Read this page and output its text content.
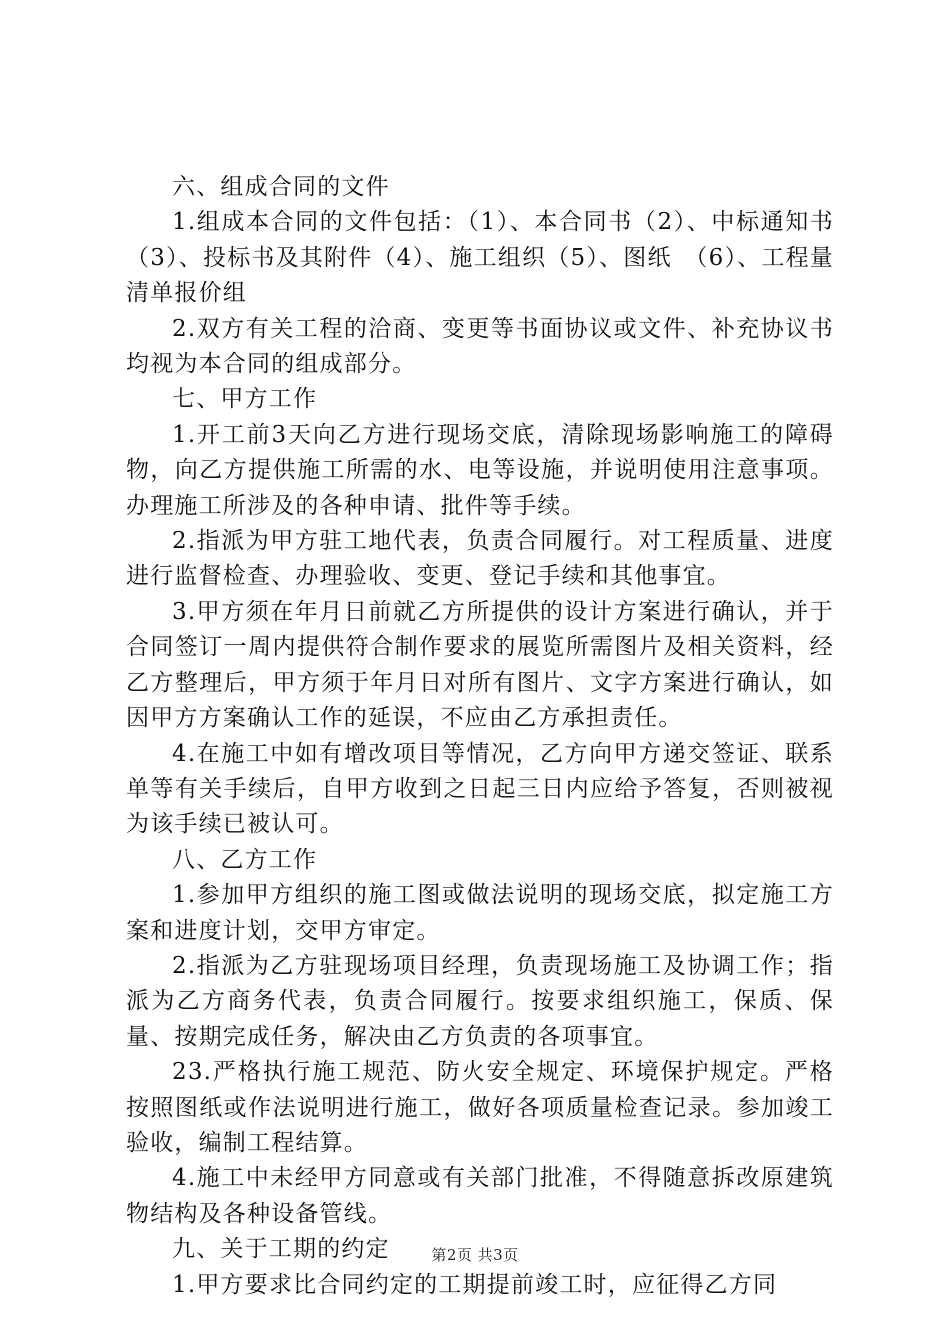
六、组成合同的文件

1.组成本合同的文件包括：（1）、本合同书（2）、中标通知书（3）、投标书及其附件（4）、施工组织（5）、图纸　（6）、工程量清单报价组

2.双方有关工程的洽商、变更等书面协议或文件、补充协议书均视为本合同的组成部分。

七、甲方工作

1.开工前3天向乙方进行现场交底，清除现场影响施工的障碍物，向乙方提供施工所需的水、电等设施，并说明使用注意事项。办理施工所涉及的各种申请、批件等手续。

2.指派为甲方驻工地代表，负责合同履行。对工程质量、进度进行监督检查、办理验收、变更、登记手续和其他事宜。

3.甲方须在年月日前就乙方所提供的设计方案进行确认，并于合同签订一周内提供符合制作要求的展览所需图片及相关资料，经乙方整理后，甲方须于年月日对所有图片、文字方案进行确认，如因甲方方案确认工作的延误，不应由乙方承担责任。

4.在施工中如有增改项目等情况，乙方向甲方递交签证、联系单等有关手续后，自甲方收到之日起三日内应给予答复，否则被视为该手续已被认可。

八、乙方工作

1.参加甲方组织的施工图或做法说明的现场交底，拟定施工方案和进度计划，交甲方审定。

2.指派为乙方驻现场项目经理，负责现场施工及协调工作；指派为乙方商务代表，负责合同履行。按要求组织施工，保质、保量、按期完成任务，解决由乙方负责的各项事宜。

23.严格执行施工规范、防火安全规定、环境保护规定。严格按照图纸或作法说明进行施工，做好各项质量检查记录。参加竣工验收，编制工程结算。

4.施工中未经甲方同意或有关部门批准，不得随意拆改原建筑物结构及各种设备管线。

九、关于工期的约定

1.甲方要求比合同约定的工期提前竣工时，应征得乙方同

第2页 共3页
